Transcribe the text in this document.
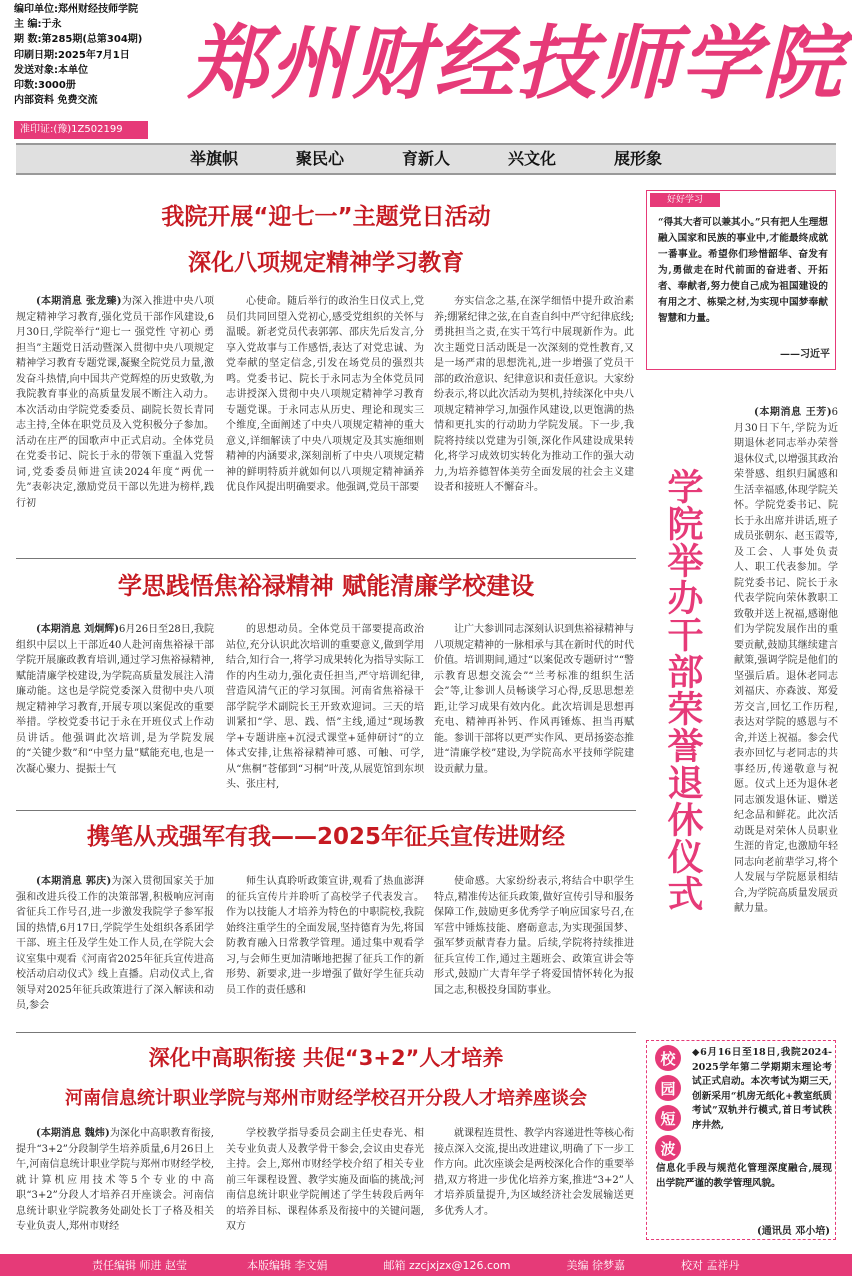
编印单位:郑州财经技师学院
主 编:于永
期 数:第285期(总第304期)
印刷日期:2025年7月1日
发送对象:本单位
印数:3000册
内部资料 免费交流
准印证:(豫)1Z502199
郑州财经技师学院
举旗帜	聚民心	育新人	兴文化	展形象
我院开展“迎七一”主题党日活动
深化八项规定精神学习教育

(本期消息 张龙臻)为深入推进中央八项规定精神学习教育,强化党员干部作风建设,6月30日,学院举行“迎七一 强党性 守初心 勇担当”主题党日活动暨深入贯彻中央八项规定精神学习教育专题党课,凝聚全院党员力量,激发奋斗热情,向中国共产党辉煌的历史致敬,为我院教育事业的高质量发展不断注入动力。本次活动由学院党委委员、副院长贺长青同志主持,全体在职党员及入党积极分子参加。活动在庄严的国歌声中正式启动。全体党员在党委书记、院长于永的带领下重温入党誓词,党委委员师进宣读2024年度“两优一先”表彰决定,激励党员干部以先进为榜样,践行初

心使命。随后举行的政治生日仪式上,党员们共同回望入党初心,感受党组织的关怀与温暖。新老党员代表郭郭、邵庆先后发言,分享入党故事与工作感悟,表达了对党忠诚、为党奉献的坚定信念,引发在场党员的强烈共鸣。党委书记、院长于永同志为全体党员同志讲授深入贯彻中央八项规定精神学习教育专题党课。于永同志从历史、理论和现实三个维度,全面阐述了中央八项规定精神的重大意义,详细解读了中央八项规定及其实施细则精神的内涵要求,深刻剖析了中央八项规定精神的鲜明特质并就如何以八项规定精神涵养优良作风提出明确要求。他强调,党员干部要

夯实信念之基,在深学细悟中提升政治素养;绷紧纪律之弦,在自查自纠中严守纪律底线;勇挑担当之责,在实干笃行中展现新作为。此次主题党日活动既是一次深刻的党性教育,又是一场严肃的思想洗礼,进一步增强了党员干部的政治意识、纪律意识和责任意识。大家纷纷表示,将以此次活动为契机,持续深化中央八项规定精神学习,加强作风建设,以更饱满的热情和更扎实的行动助力学院发展。下一步,我院将持续以党建为引领,深化作风建设成果转化,将学习成效切实转化为推动工作的强大动力,为培养德智体美劳全面发展的社会主义建设者和接班人不懈奋斗。

学思践悟焦裕禄精神 赋能清廉学校建设

(本期消息 刘炯辉)6月26日至28日,我院组织中层以上干部近40人赴河南焦裕禄干部学院开展廉政教育培训,通过学习焦裕禄精神,赋能清廉学校建设,为学院高质量发展注入清廉动能。这也是学院党委深入贯彻中央八项规定精神学习教育,开展专项以案促改的重要举措。学校党委书记于永在开班仪式上作动员讲话。他强调此次培训,是为学院发展的“关键少数”和“中坚力量”赋能充电,也是一次凝心聚力、提振士气

的思想动员。全体党员干部要提高政治站位,充分认识此次培训的重要意义,做到学用结合,知行合一,将学习成果转化为指导实际工作的内生动力,强化责任担当,严守培训纪律,营造风清气正的学习氛围。河南省焦裕禄干部学院学术副院长王开致欢迎词。三天的培训紧扣“学、思、践、悟”主线,通过“现场教学+专题讲座+沉浸式课堂+延伸研讨”的立体式安排,让焦裕禄精神可感、可触、可学,从“焦桐”苍郁到“习桐”叶茂,从展览馆到东坝头、张庄村,

让广大参训同志深刻认识到焦裕禄精神与八项规定精神的一脉相承与其在新时代的时代价值。培训期间,通过“以案促改专题研讨”“警示教育思想交流会”“兰考标准的组织生活会”等,让参训人员畅谈学习心得,反思思想差距,让学习成果有效内化。此次培训是思想再充电、精神再补钙、作风再锤炼、担当再赋能。参训干部将以更严实作风、更昂扬姿态推进“清廉学校”建设,为学院高水平技师学院建设贡献力量。

携笔从戎强军有我——2025年征兵宣传进财经

(本期消息 郭庆)为深入贯彻国家关于加强和改进兵役工作的决策部署,积极响应河南省征兵工作号召,进一步激发我院学子参军报国的热情,6月17日,学院学生处组织各系团学干部、班主任及学生处工作人员,在学院大会议室集中观看《河南省2025年征兵宣传进高校活动启动仪式》线上直播。启动仪式上,省领导对2025年征兵政策进行了深入解读和动员,参会

师生认真聆听政策宣讲,观看了热血澎湃的征兵宣传片并聆听了高校学子代表发言。作为以技能人才培养为特色的中职院校,我院始终注重学生的全面发展,坚持德育为先,将国防教育融入日常教学管理。通过集中观看学习,与会师生更加清晰地把握了征兵工作的新形势、新要求,进一步增强了做好学生征兵动员工作的责任感和

使命感。大家纷纷表示,将结合中职学生特点,精准传达征兵政策,做好宣传引导和服务保障工作,鼓励更多优秀学子响应国家号召,在军营中锤炼技能、磨砺意志,为实现强国梦、强军梦贡献青春力量。后续,学院将持续推进征兵宣传工作,通过主题班会、政策宣讲会等形式,鼓励广大青年学子将爱国情怀转化为报国之志,积极投身国防事业。

深化中高职衔接 共促“3+2”人才培养
河南信息统计职业学院与郑州市财经学校召开分段人才培养座谈会

(本期消息 魏炜)为深化中高职教育衔接,提升“3+2”分段制学生培养质量,6月26日上午,河南信息统计职业学院与郑州市财经学校,就计算机应用技术等5个专业的中高职“3+2”分段人才培养召开座谈会。河南信息统计职业学院教务处副处长丁子格及相关专业负责人,郑州市财经

学校教学指导委员会副主任史春光、相关专业负责人及教学骨干参会,会议由史春光主持。会上,郑州市财经学校介绍了相关专业前三年课程设置、教学实施及面临的挑战;河南信息统计职业学院阐述了学生转段后两年的培养目标、课程体系及衔接中的关键问题,双方

就课程连贯性、教学内容递进性等核心衔接点深入交流,提出改进建议,明确了下一步工作方向。此次座谈会是两校深化合作的重要举措,双方将进一步优化培养方案,推进“3+2”人才培养质量提升,为区域经济社会发展输送更多优秀人才。

好好学习
“得其大者可以兼其小。”只有把人生理想融入国家和民族的事业中,才能最终成就一番事业。希望你们珍惜韶华、奋发有为,勇做走在时代前面的奋进者、开拓者、奉献者,努力使自己成为祖国建设的有用之才、栋梁之材,为实现中国梦奉献智慧和力量。
——习近平
学院举办干部荣誉退休仪式

(本期消息 王芳)6月30日下午,学院为近期退休老同志举办荣誉退休仪式,以增强其政治荣誉感、组织归属感和生活幸福感,体现学院关怀。学院党委书记、院长于永出席并讲话,班子成员张朝东、赵玉霞等,及工会、人事处负责人、职工代表参加。学院党委书记、院长于永代表学院向荣休教职工致敬并送上祝福,感谢他们为学院发展作出的重要贡献,鼓励其继续建言献策,强调学院是他们的坚强后盾。退休老同志刘福庆、亦森波、郑爱芳交言,回忆工作历程,表达对学院的感恩与不舍,并送上祝福。参会代表亦回忆与老同志的共事经历,传递敬意与祝愿。仪式上还为退休老同志颁发退休证、赠送纪念品和鲜花。此次活动既是对荣休人员职业生涯的肯定,也激励年轻同志向老前辈学习,将个人发展与学院愿景相结合,为学院高质量发展贡献力量。

校
园
短
波
◆6月16日至18日,我院2024-2025学年第二学期期末理论考试正式启动。本次考试为期三天,创新采用“机房无纸化+教室纸质考试”双轨并行模式,首日考试秩序井然,
信息化手段与规范化管理深度融合,展现出学院严谨的教学管理风貌。
(通讯员 邓小培)
责任编辑 师进 赵莹	本版编辑 李文娟	邮箱 zzcjxjzx@126.com	美编 徐梦嘉	校对 孟祥丹
